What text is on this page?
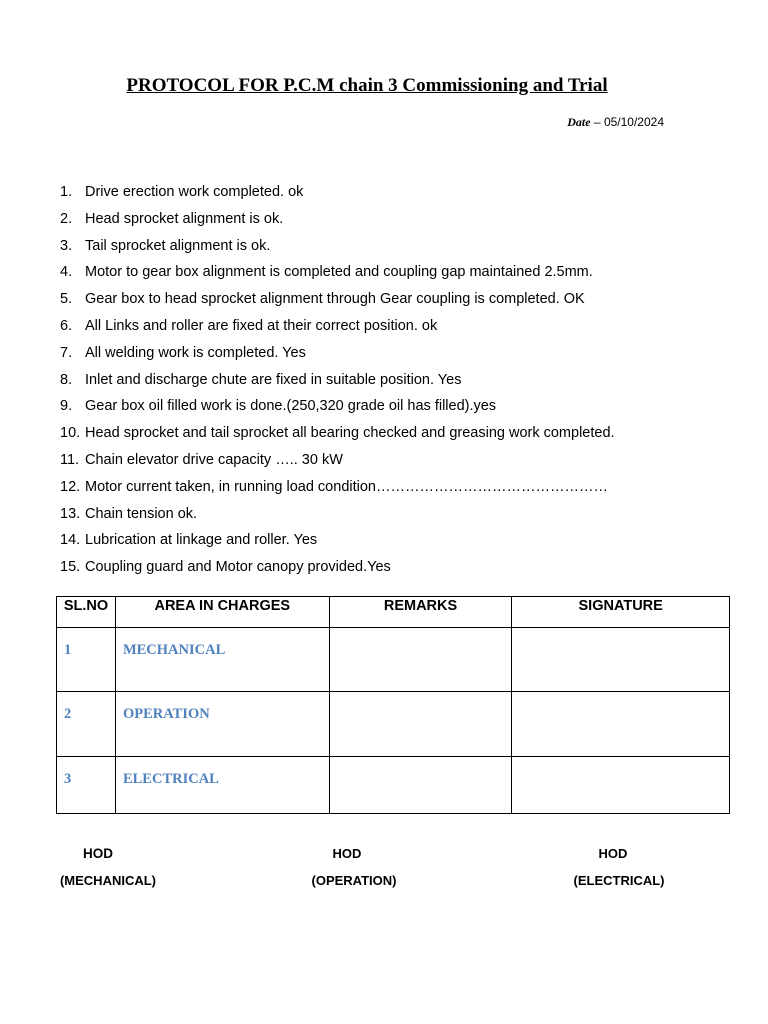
PROTOCOL FOR P.C.M chain 3 Commissioning and Trial
Date – 05/10/2024
1. Drive erection work completed. ok
2. Head sprocket alignment is ok.
3. Tail sprocket alignment is ok.
4. Motor to gear box alignment is completed and coupling gap maintained 2.5mm.
5. Gear box to head sprocket alignment through Gear coupling is completed. OK
6. All Links and roller are fixed at their correct position. ok
7. All welding work is completed. Yes
8. Inlet and discharge chute are fixed in suitable position. Yes
9. Gear box oil filled work is done.(250,320 grade oil has filled).yes
10. Head sprocket and tail sprocket all bearing checked and greasing work completed.
11. Chain elevator drive capacity ….. 30 kW
12. Motor current taken, in running load condition…………………………………………
13. Chain tension ok.
14. Lubrication at linkage and roller. Yes
15. Coupling guard and Motor canopy provided.Yes
SL.NO	AREA IN CHARGES	REMARKS	SIGNATURE
1	MECHANICAL		
2	OPERATION		
3	ELECTRICAL		
HOD
(MECHANICAL)
HOD
(OPERATION)
HOD
(ELECTRICAL)
